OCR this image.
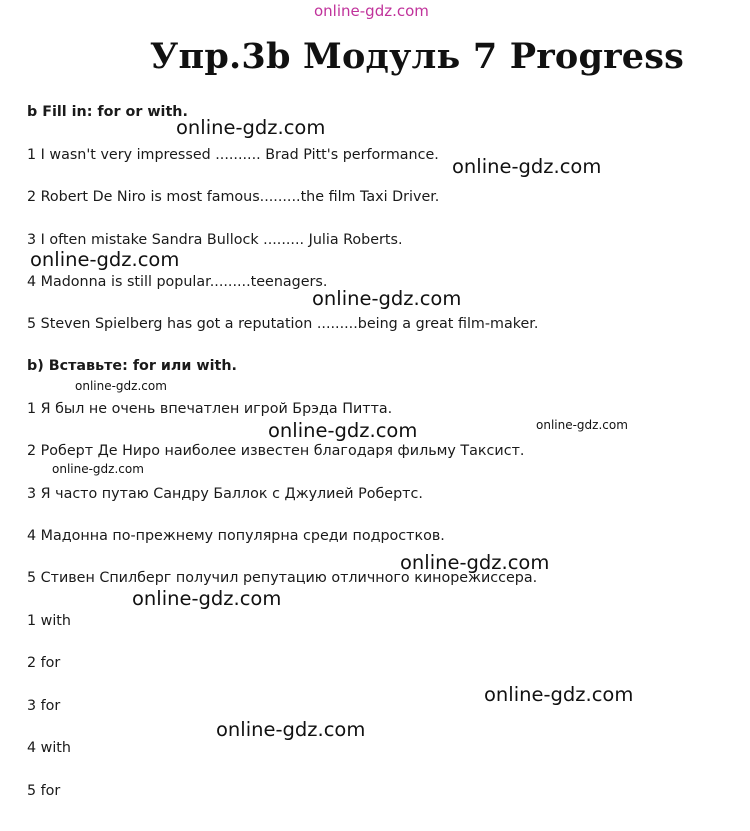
online-gdz.com
Упр.3b Модуль 7 Progress
b Fill in: for or with.
1 I wasn't very impressed .......... Brad Pitt's performance.
2 Robert De Niro is most famous.........the film Taxi Driver.
3 I often mistake Sandra Bullock ......... Julia Roberts.
4 Madonna is still popular.........teenagers.
5 Steven Spielberg has got a reputation .........being a great film-maker.
b) Вставьте: for или with.
1 Я был не очень впечатлен игрой Брэда Питта.
2 Роберт Де Ниро наиболее известен благодаря фильму Таксист.
3 Я часто путаю Сандру Баллок с Джулией Робертс.
4 Мадонна по-прежнему популярна среди подростков.
5 Стивен Спилберг получил репутацию отличного кинорежиссера.
1 with
2 for
3 for
4 with
5 for
online-gdz.com
online-gdz.com
online-gdz.com
online-gdz.com
online-gdz.com
online-gdz.com
online-gdz.com
online-gdz.com
online-gdz.com
online-gdz.com
online-gdz.com
online-gdz.com
